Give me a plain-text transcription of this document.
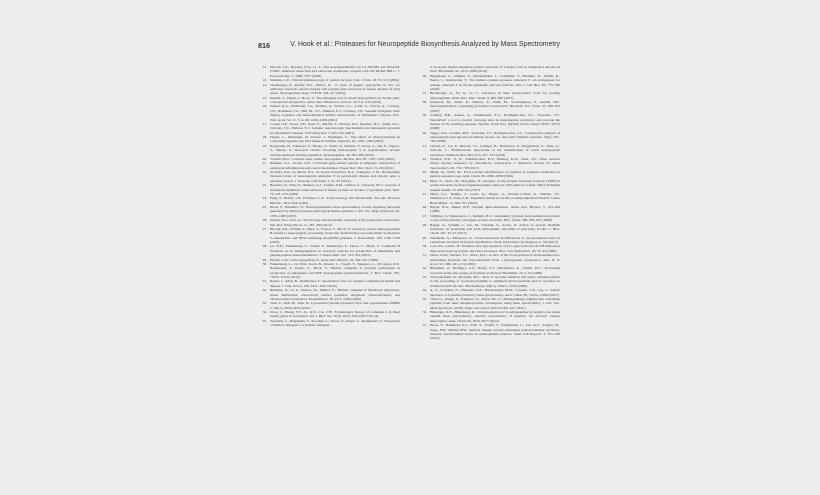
816	V. Hook et al.: Proteases for Neuropeptide Biosynthesis Analyzed by Mass Spectrometry
12. Dowell, J.A., Heyden, W.V., Li, L.: Rat neuropeptidomics by LC-MS/MS and MALDI-FTMS: enhanced dissection and extraction techniques coupled with 2D RP-RP HPLC. J. Proteome Res. 5, 3368–3375 (2006)
13. Simonin, C.E.: Clinical pharmacology of opioids for pain. Clin. J. Pain. 18, S3–S13 (2002)
14. Chaibongsa, P., Kieffer, B.L., Befort, K.: 15 years of genetic approaches in vivo for addiction research: opioid receptor and peptide gene knockout in mouse models of drug abuse. Neuropharmacology. 76 Pt B, 204–217 (2014)
15. Pedrini, S., Yakuk, J., Hook, V.: The emerging role of opioid dysregulation in chronic pain: a therapeutic perspective. Annu. Rev. Pharmacol. Toxicol. 56, 511–533 (2016)
16. Steiner, R.A., Holtmann, J.G., Holmes, A., Wrenn, C.C., Cadd, G., Sutton, A., Crawley, J.N., Hohmann, J.G., Hill, M., S.V., Mathew, E.J., Crawley, J.N.: Galanin transgenic mice display cognitive and neurochemical deficits characteristic of Alzheimer's disease. Proc. Natl. Acad. Sci. U. S. A. 98, 4184–4189 (2001)
17. Counts, S.E., Perez, S.E., Kahl, U., Bartfai, T., Bowser, R.P., Deecher, D.C., Mash, D.C., Crawley, J.N., Mufson, E.J.: Galanin: neurobiologic mechanisms and therapeutic potential for Alzheimer's disease. CNS Drug Rev. 7, 445–470 (2001)
18. Dagan, L., Marsinger, D., Drewe, J., Beglinger, C.: The effect of cholecystokinin in controlling appetite and food intake in humans. Peptides. 22, 1265–1269 (2001)
19. Kageyama, H., Takenoya, F., Hirako, S., Wada, N., Kintaka, Y., Inoue, S., Ota, E., Ogawa, T., Shioda, S.: Neuronal circuits involving neuropeptide Y in hypothalamic arcuate nucleus-mediated feeding regulation. Neuropeptides. 46, 285–289 (2012)
20. Tordoff, M.G.: Calcium: taste, intake, and appetite. Physiol. Rev. 81, 1567–1597 (2001)
21. Ruddent, A.C., Rosen, A.F.: Calcitonin gene-related peptide in migraine: intersection of peripheral inflammation and central modulation. Expert Rev. Mol. Med. 13, e36 (2011)
22. de Avila, E.D., de Melos, R.S., de Godoi Gonçalves, D.A., Campeiro, C.M.: Relationship between levels of neuropeptide substance P in periodontal disease and chronic pain: a literature review. J. Investig. Clin. Dent. 5, 91–97 (2014)
23. Benedict, R., Elias, E., Masters, A.J., Caudle, R.M., Laiman, S., Sabarala, M.C.: Actions of intrathecal diphtheria toxin-substance P fusion protein on models of persistent pain. Pain. 79, 241–253 (1999)
24. Felig, P., Baxter, J.D., Frohman, L.A.: Endocrinology and Metabolism, 3rd edn. McGraw Hill Inc., New York (1981)
25. Hook, V., Bandeira, N.: Neuropeptidomics mass spectrometry reveals signaling networks generated by distinct protease pathways in human systems. J. Am. Soc. Mass Spectrom. 26, 1970–1980 (2015)
26. Seidah, N.G., Prat, A.: The biology and therapeutic targeting of the proprotein convertases. Nat. Rev. Drug Discov. 11, 367–383 (2012)
27. Hwang, S.R., O'Neill, A., Bark, S., Foulon, T., Hook, V.: Secretory vesicle aminopeptidase B related to neuropeptide processing: molecular identification and subcellular localization to enkephalin- and NPY-containing chromaffin granules. J. Neurochem. 100, 1340–1350 (2007)
28. Lu, W.D., Funkelstein, L., Toneff, T., Reinheckel, T., Peters, C., Hook, V.: Cathepsin H functions as an aminopeptidase in secretory vesicles for production of enkephalin and galanin peptide neurotransmitters. J. Neurochem. 122, 512–552 (2012)
29. Fricker, L.D.: Carboxypeptidase E. Annu. Rev. Physiol. 50, 309–321 (1988)
30. Funkelstein, L., Lu, W.D., Koch, B., Mosier, C., Toneff, T., Taupenot, L., O'Connor, D.T., Reinheckel, T., Peters, C., Hook, V.: Human cathepsin V protease participates in production of enkephalin and NPY neuropeptide neurotransmitters. J. Biol. Chem. 287, 15232–15241 (2012)
31. Reiser, J., Adair, B., Reinheckel, T.: Specialized roles for cysteine cathepsins in health and disease. J. Clin. Invest. 120, 3421–3431 (2010)
32. Brömme, D., Li, Z., Barnes, M., Mehler, E.: Human cathepsin V functional expression, tissue distribution, electrostatic surface potential, enzymatic characterization, and chromosomal localization. Biochemistry. 38, 2377–2385 (1999)
33. Turk, V., Turk, B., Turk, D.: Lysosomal cysteine proteases: facts and opportunities. EMBO J. 20(17), 4629–4633 (2001)
34. Zhou, J., Zhang, Y.Y., Li, Q.Y., Cai, Z.H.: Evolutionary history of cathepsin L (L-like) family genes in vertebrates. Int. J. Biol. Sci. 11(9), 1016–1025 (2015 Jul 14)
35. Sevenich, L., Hagemann, S., Stoeckle, C., Tolosa, E., Peters, C., Reinheckel, T.: Expression of human cathepsin L or human cathepsin
V in mouse thymus mediates positive selection of T helper cells in cathepsin L knock-out mice. Biochimie. 92, 1674–1680 (2010)
36. Hagemann, S., Günther, T., Dennemärker, J., Lohmüller, T., Brömme, D., Schüle, R., Peters, C., Reinheckel, T.: The human cysteine protease cathepsin V can compensate for murine cathepsin L in mouse epidermis and hair follicles. Eur. J. Cell Biol. 83, 775–780 (2004)
37. Buchberger, A., Yu, Q., Li, L.: Advances in mass spectrometric tools for probing neuropeptides. Annu. Rev. Anal. Chem. 8, 485–509 (2015)
38. Svensson, M., Sköld, K., Nilsson, A., Fälth, M., Svenningsson, P., Andrén, P.E.: Neuropeptidomics: expanding proteomics downwards. Biochem. Soc. Trans. 35, 588–593 (2007)
39. Southey, B.R., Amare, A., Zimmerman, T.A., Rodriguez-Zas, S.L., Sweedler, J.V.: NeuroPred: a tool to predict cleavage sites in neuropeptide precursors and provide the masses of the resulting peptides. Nucleic Acids Res. 34(Web Server issue), W267–W272 (2006)
40. Tegge, A.N., Southey, B.R., Sweedler, J.V., Rodriguez-Zas, S.L.: Comparative analysis of neuropeptide cleavage sites in human, mouse, rat, and cattle. Mamm. Genome. 19(2), 106–120 (2008)
41. Clynen, E., Liu, F., Husson, S.J., Landuyt, B., Hayakawa, E., Baggerman, G., Wets, G., Schoofs, L.: Bioinformatic approaches to the identification of novel neuropeptide precursors. Methods Mol. Biol. 615, 357–374 (2010)
42. Wallace, W.E., Ji, W., Tchekhovskoi, D.V., Phinney, K.W., Stein, S.E.: Mass spectral library quality assurance by inter-library comparison. J. American Society for Mass Spectrometry. 28, 733–738 (2017)
43. Mann, M., Wilm, M.: Error-tolerant identification of peptides in sequence databases by peptide sequence tags. Anal. Chem. 66, 4390–4399 (1994)
44. Hunt, N., Nono, M., Hosojima, H.: Analysis of thyrotropin releasing hormone (TRH) in serum and urine by mass fragmentography using GC-MS (author's transl). Nihon Naibunpi Gakkai Zasshi. 53, 698–702 (1977)
45. Dunn, C.L., Hamby, T., Lewis, K., Plaggo, A., Fischer-Colbrie, R., Wilkins, J.F., Wilkinson, L.S., Isles, A.R.: Imprinted enhancers in mice lacking imprinted Nesp55. Genes Brain Behav. 15, 693–701 (2016)
46. Eipper, B.A., Mains, R.E.: Peptide alpha-amidation. Annu. Rev. Physiol. 5, 333–344 (1988)
47. Schilling, S., Wasternack, C., Demuth, H.U.: Glutaminyl cyclases from animals and plants: a case of functionally convergent protein evolution. Biol. Chem. 389, 983–991 (2008)
48. Rajpal, G., Schuiki, I., Liu, M., Volchuk, A., Arvan, P.: Action of protein disulfide isomerase on proinsulin exit from endoplasmic reticulum of pancreatic β-cells. J. Biol. Chem. 287, 43–47 (2012)
49. Takahashi, A., Mizusawa, K.: Posttranslational modifications of proopiomelanocortin in vertebrates and their biological significance. Front. Endocrinol. (Lausanne). 4, 143 (2013)
50. Loh, Y.P., Gainer, H.: Evidence that glycosylation of pro-opiocortin and ACTH influences their proteolysis by trypsin and blood proteases. Mol. Cell. Endocrinol. 20, 35–44 (1980)
51. Dores, R.M., Stevens, T.C., Price, M.L.: A view of the N-acetylation of alpha-melanocyte-stimulating hormone and beta-endorphin from a phylogenetic perspective. Ann. N. Y. Acad. Sci. 680, 161–174 (1993)
52. Blinkman, A., Bradbury, A.F., Darby, N.J., Marshalsea, K., Smyth, D.G.: Processing reactions in the later stages of hormone activation. Biochimie. 70, 3–10 (1988)
53. Vishwanatham, D., Bertolini, M.C.: Role of tyrosine sulfation and serine phosphorylation in the processing of procholecystokinin to amidated cholecystokinin and its secretion in transfected AtT-20 cells. Biochemistry. 39(15), 13621–13759 (2000)
54. A, V., Licermer, N., Hanaoka, D.Z., Buchschmid, M.M., Costello, C.E., Lin, C.: Direct detection of S-palmitoylation by mass spectrometry. Anal. Chem. 85, 11952–11959 (2013)
55. Chen, G., Zhang, Y., Trinidad, J.C., Dann, Iid., C.: Distinguishing sulfotyrosine containing peptides from their phosphotyrosine counterparts using mass spectrometry. J. Am. Soc. Mass Spectrom. (2018). https://doi.org/10.1007/s13361-017-1854-1
56. Hunterger, K.E., Håkansson, K.: Characterization of O-sulfopeptides by negative ion mode tandem mass spectrometry: superior performance of negative ion electron capture dissociation. Anal. Chem. 84, 6570–6577 (2012)
57. Hook, V., Bommard, K.J., Kim, Y., Toneff, T., Funkelstein, L., Lee, K.C., Ziegler, M., Gage, F.H.: Human iPSC neurons display activity-dependent neurotransmitter secretion: aberrant catecholamine levels in schizophrenia neurons. Stem Cell Reports. 3, 531–538 (2014)
